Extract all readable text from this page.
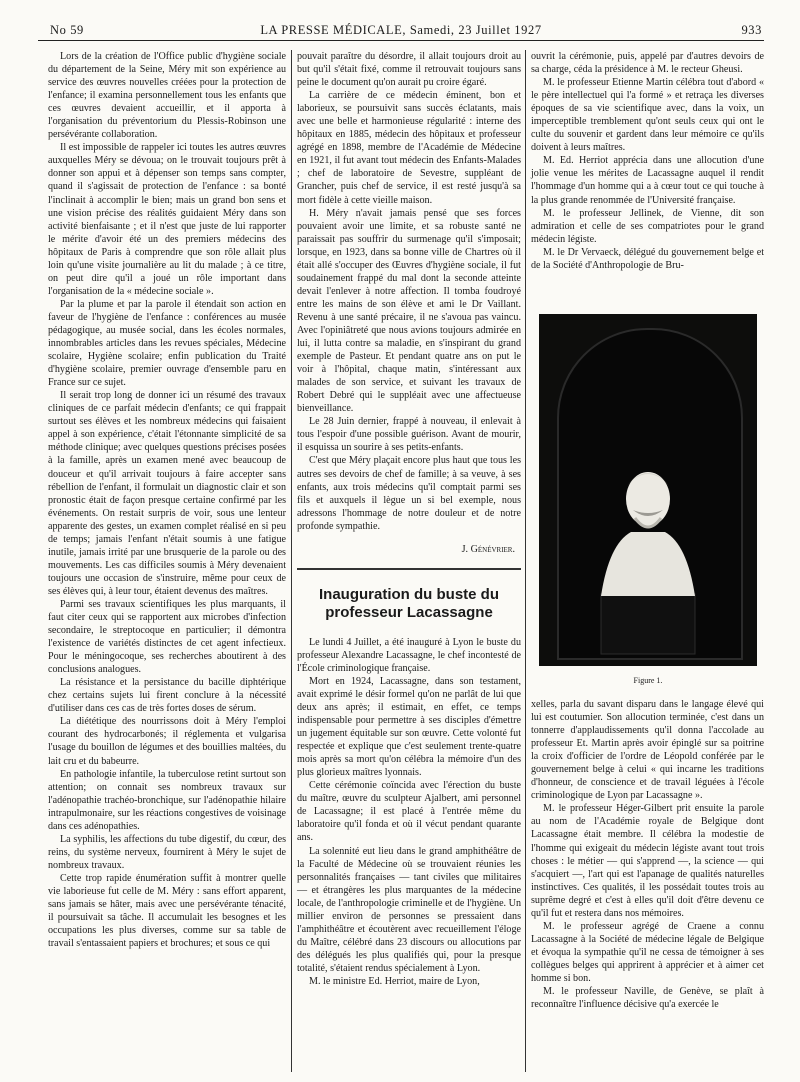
No 59	LA PRESSE MÉDICALE, Samedi, 23 Juillet 1927	933

Lors de la création de l'Office public d'hygiène sociale du département de la Seine, Méry mit son expérience au service des œuvres nouvelles créées pour la protection de l'enfance; il examina personnellement tous les enfants que ces œuvres devaient accueillir, et il apporta à l'organisation du préventorium du Plessis-Robinson une persévérante collaboration.

Il est impossible de rappeler ici toutes les autres œuvres auxquelles Méry se dévoua; on le trouvait toujours prêt à donner son appui et à dépenser son temps sans compter, quand il s'agissait de protection de l'enfance : sa bonté l'inclinait à accomplir le bien; mais un grand bon sens et une vision précise des réalités guidaient Méry dans son activité bienfaisante ; et il n'est que juste de lui rapporter le mérite d'avoir été un des premiers médecins des hôpitaux de Paris à comprendre que son rôle allait plus loin qu'une visite journalière au lit du malade ; à ce titre, on peut dire qu'il a joué un rôle important dans l'organisation de la « médecine sociale ».

Par la plume et par la parole il étendait son action en faveur de l'hygiène de l'enfance : conférences au musée pédagogique, au musée social, dans les écoles normales, innombrables articles dans les revues spéciales, Médecine scolaire, Hygiène scolaire; enfin publication du Traité d'hygiène scolaire, premier ouvrage d'ensemble paru en France sur ce sujet.

Il serait trop long de donner ici un résumé des travaux cliniques de ce parfait médecin d'enfants; ce qui frappait surtout ses élèves et les nombreux médecins qui faisaient appel à son expérience, c'était l'étonnante simplicité de sa méthode clinique; avec quelques questions précises posées à la famille, après un examen mené avec beaucoup de douceur et qu'il arrivait toujours à faire accepter sans rébellion de l'enfant, il formulait un diagnostic clair et son pronostic était de façon presque certaine confirmé par les événements. On restait surpris de voir, sous une lenteur apparente des gestes, un examen complet réalisé en si peu de temps; jamais l'enfant n'était soumis à une fatigue inutile, jamais irrité par une brusquerie de la parole ou des mouvements. Les cas difficiles soumis à Méry devenaient toujours une occasion de s'instruire, même pour ceux de ses élèves qui, à leur tour, étaient devenus des maîtres.

Parmi ses travaux scientifiques les plus marquants, il faut citer ceux qui se rapportent aux microbes d'infection secondaire, le streptocoque en particulier; il démontra l'existence de variétés distinctes de cet agent infectieux. Pour le méningocoque, ses recherches aboutirent à des conclusions analogues.

La résistance et la persistance du bacille diphtérique chez certains sujets lui firent conclure à la nécessité d'utiliser dans ces cas de très fortes doses de sérum.

La diététique des nourrissons doit à Méry l'emploi courant des hydrocarbonés; il réglementa et vulgarisa l'usage du bouillon de légumes et des bouillies maltées, du lait cru et du babeurre.

En pathologie infantile, la tuberculose retint surtout son attention; on connait ses nombreux travaux sur l'adénopathie trachéo-bronchique, sur l'adénopathie hilaire intrapulmonaire, sur les réactions congestives de voisinage dans ces adénopathies.

La syphilis, les affections du tube digestif, du cœur, des reins, du système nerveux, fournirent à Méry le sujet de nombreux travaux.

Cette trop rapide énumération suffit à montrer quelle vie laborieuse fut celle de M. Méry : sans effort apparent, sans jamais se hâter, mais avec une persévérante ténacité, il poursuivait sa tâche. Il accumulait les besognes et les occupations les plus diverses, comme sur sa table de travail s'entassaient papiers et brochures; et sous ce qui

pouvait paraître du désordre, il allait toujours droit au but qu'il s'était fixé, comme il retrouvait toujours sans peine le document qu'on aurait pu croire égaré.

La carrière de ce médecin éminent, bon et laborieux, se poursuivit sans succès éclatants, mais avec une belle et harmonieuse régularité : interne des hôpitaux en 1885, médecin des hôpitaux et professeur agrégé en 1898, membre de l'Académie de Médecine en 1921, il fut avant tout médecin des Enfants-Malades ; chef de laboratoire de Sevestre, suppléant de Grancher, puis chef de service, il est resté jusqu'à sa mort fidèle à cette vieille maison.

H. Méry n'avait jamais pensé que ses forces pouvaient avoir une limite, et sa robuste santé ne paraissait pas souffrir du surmenage qu'il s'imposait; lorsque, en 1923, dans sa bonne ville de Chartres où il était allé s'occuper des Œuvres d'hygiène sociale, il fut soudainement frappé du mal dont la seconde atteinte devait l'enlever à notre affection. Il tomba foudroyé entre les mains de son élève et ami le Dr Vaillant. Revenu à une santé précaire, il ne s'avoua pas vaincu. Avec l'opiniâtreté que nous avions toujours admirée en lui, il lutta contre sa maladie, en s'inspirant du grand exemple de Pasteur. Et pendant quatre ans on put le voir à l'hôpital, chaque matin, s'intéressant aux malades de son service, et suivant les travaux de Robert Debré qui le suppléait avec une affectueuse bienveillance.

Le 28 Juin dernier, frappé à nouveau, il enlevait à tous l'espoir d'une possible guérison. Avant de mourir, il esquissa un sourire à ses petits-enfants.

C'est que Méry plaçait encore plus haut que tous les autres ses devoirs de chef de famille; à sa veuve, à ses enfants, aux trois médecins qu'il comptait parmi ses fils et auxquels il lègue un si bel exemple, nous adressons l'hommage de notre douleur et de notre profonde sympathie.

J. Génévrier.
Inauguration du buste du professeur Lacassagne

Le lundi 4 Juillet, a été inauguré à Lyon le buste du professeur Alexandre Lacassagne, le chef incontesté de l'École criminologique française.

Mort en 1924, Lacassagne, dans son testament, avait exprimé le désir formel qu'on ne parlât de lui que deux ans après; il estimait, en effet, ce temps indispensable pour permettre à ses disciples d'émettre un jugement équitable sur son œuvre. Cette volonté fut respectée et explique que c'est seulement trente-quatre mois après sa mort qu'on célébra la mémoire d'un des plus glorieux maîtres lyonnais.

Cette cérémonie coïncida avec l'érection du buste du maître, œuvre du sculpteur Ajalbert, ami personnel de Lacassagne; il est placé à l'entrée même du laboratoire qu'il fonda et où il vécut pendant quarante ans.

La solennité eut lieu dans le grand amphithéâtre de la Faculté de Médecine où se trouvaient réunies les personnalités françaises — tant civiles que militaires — et étrangères les plus marquantes de la médecine locale, de l'anthropologie criminelle et de l'hygiène. Un millier environ de personnes se pressaient dans l'amphithéâtre et écoutèrent avec recueillement l'éloge du Maître, célébré dans 23 discours ou allocutions par des délégués les plus qualifiés qui, pour la presque totalité, s'étaient rendus spécialement à Lyon.

M. le ministre Ed. Herriot, maire de Lyon,

ouvrit la cérémonie, puis, appelé par d'autres devoirs de sa charge, céda la présidence à M. le recteur Gheusi.

M. le professeur Etienne Martin célébra tout d'abord « le père intellectuel qui l'a formé » et retraça les diverses époques de sa vie scientifique avec, dans la voix, un imperceptible tremblement qu'ont seuls ceux qui ont le culte du souvenir et gardent dans leur mémoire ce qu'ils doivent à leurs maîtres.

M. Ed. Herriot apprécia dans une allocution d'une jolie venue les mérites de Lacassagne auquel il rendit l'hommage d'un homme qui a à cœur tout ce qui touche à la plus grande renommée de l'Université française.

M. le professeur Jellinek, de Vienne, dit son admiration et celle de ses compatriotes pour le grand médecin légiste.

M. le Dr Vervaeck, délégué du gouvernement belge et de la Société d'Anthropologie de Bru-

Figure 1.

xelles, parla du savant disparu dans le langage élevé qui lui est coutumier. Son allocution terminée, c'est dans un tonnerre d'applaudissements qu'il donna l'accolade au professeur Et. Martin après avoir épinglé sur sa poitrine la croix d'officier de l'ordre de Léopold conférée par le gouvernement belge à celui « qui incarne les traditions d'honneur, de conscience et de travail léguées à l'école criminologique de Lyon par Lacassagne ».

M. le professeur Héger-Gilbert prit ensuite la parole au nom de l'Académie royale de Belgique dont Lacassagne était membre. Il célébra la modestie de l'homme qui exigeait du médecin légiste avant tout trois choses : le métier — qui s'apprend —, la science — qui s'acquiert —, l'art qui est l'apanage de qualités naturelles instinctives. Ces qualités, il les possédait toutes trois au suprême degré et c'est à elles qu'il doit d'être devenu ce qu'il fut et restera dans nos mémoires.

M. le professeur agrégé de Craene a connu Lacassagne à la Société de médecine légale de Belgique et évoqua la sympathie qu'il ne cessa de témoigner à ses collègues belges qui apprirent à apprécier et à aimer cet homme si bon.

M. le professeur Naville, de Genève, se plaît à reconnaître l'influence décisive qu'a exercée le
